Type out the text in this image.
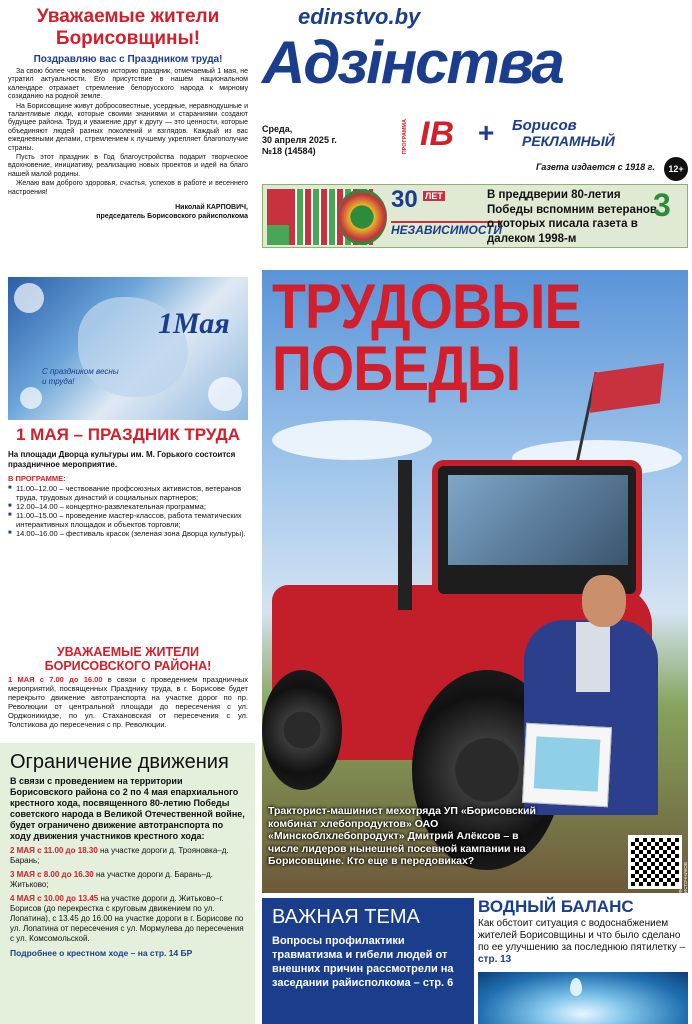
Уважаемые жители Борисовщины!
Поздравляю вас с Праздником труда!

За свою более чем вековую историю праздник, отмечаемый 1 мая, не утратил актуальности. Его присутствие в нашем национальном календаре отражает стремление белорусского народа к мирному созиданию на родной земле.

На Борисовщине живут добросовестные, усердные, неравнодушные и талантливые люди, которые своими знаниями и стараниями создают будущее района. Труд и уважение друг к другу — это ценности, которые объединяют людей разных поколений и взглядов. Каждый из вас ежедневными делами, стремлением к лучшему укрепляет благополучие страны.

Пусть этот праздник в Год благоустройства подарит творческое вдохновение, инициативу, реализацию новых проектов и идей на благо нашей малой родины.

Желаю вам доброго здоровья, счастья, успехов в работе и весеннего настроения!

Николай КАРПОВИЧ,
председатель Борисовского райисполкома
1Мая
С праздником весны и труда!
1 МАЯ – ПРАЗДНИК ТРУДА
На площади Дворца культуры им. М. Горького состоится праздничное мероприятие.
В ПРОГРАММЕ:
■ 11.00–12.00 – чествование профсоюзных активистов, ветеранов труда, трудовых династий и социальных партнеров;
■ 12.00–14.00 – концертно-развлекательная программа;
■ 11.00–15.00 – проведение мастер-классов, работа тематических интерактивных площадок и объектов торговли;
■ 14.00–16.00 – фестиваль красок (зеленая зона Дворца культуры).
УВАЖАЕМЫЕ ЖИТЕЛИ БОРИСОВСКОГО РАЙОНА!

1 МАЯ с 7.00 до 16.00 в связи с проведением праздничных мероприятий, посвященных Празднику труда, в г. Борисове будет перекрыто движение автотранспорта на участке дорог по пр. Революции от центральной площади до пересечения с ул. Орджоникидзе, по ул. Стахановская от пересечения с ул. Толстикова до пересечения с пр. Революции.

Ограничение движения
В связи с проведением на территории Борисовского района со 2 по 4 мая епархиального крестного хода, посвященного 80-летию Победы советского народа в Великой Отечественной войне, будет ограничено движение автотранспорта по ходу движения участников крестного хода:
2 МАЯ с 11.00 до 18.30 на участке дороги д. Трояновка–д. Барань;
3 МАЯ с 8.00 до 16.30 на участке дороги д. Барань–д. Житьково;
4 МАЯ с 10.00 до 13.45 на участке дороги д. Житьково–г. Борисов (до перекрестка с круговым движением по ул. Лопатина), с 13.45 до 16.00 на участке дороги в г. Борисове по ул. Лопатина от пересечения с ул. Мормулева до пересечения с ул. Комсомольской.
Подробнее о крестном ходе – на стр. 14 БР
edinstvo.by
Адзінства
Среда,
30 апреля 2025 г.
№18 (14584)	ПРОГРАММА IB + Борисов
РЕКЛАМНЫЙ
Газета издается с 1918 г.	12+
30 ЛЕТ
НЕЗАВИСИМОСТИ
В преддверии 80-летия Победы вспомним ветеранов, о которых писала газета в далеком 1998-м
3
ТРУДОВЫЕ
ПОБЕДЫ
Тракторист-машинист мехотряда УП «Борисовский комбинат хлебопродуктов» ОАО «Минскоблхлебопродукт» Дмитрий Алёксов – в числе лидеров нынешней посевной кампании на Борисовщине. Кто еще в передовиках?	ФОТО ИЗ ОТКРЫТЫХ ИСТОЧНИКОВ
ВАЖНАЯ ТЕМА

Вопросы профилактики травматизма и гибели людей от внешних причин рассмотрели на заседании райисполкома – стр. 6

ВОДНЫЙ БАЛАНС

Как обстоит ситуация с водоснабжением жителей Борисовщины и что было сделано по ее улучшению за последнюю пятилетку – стр. 13
